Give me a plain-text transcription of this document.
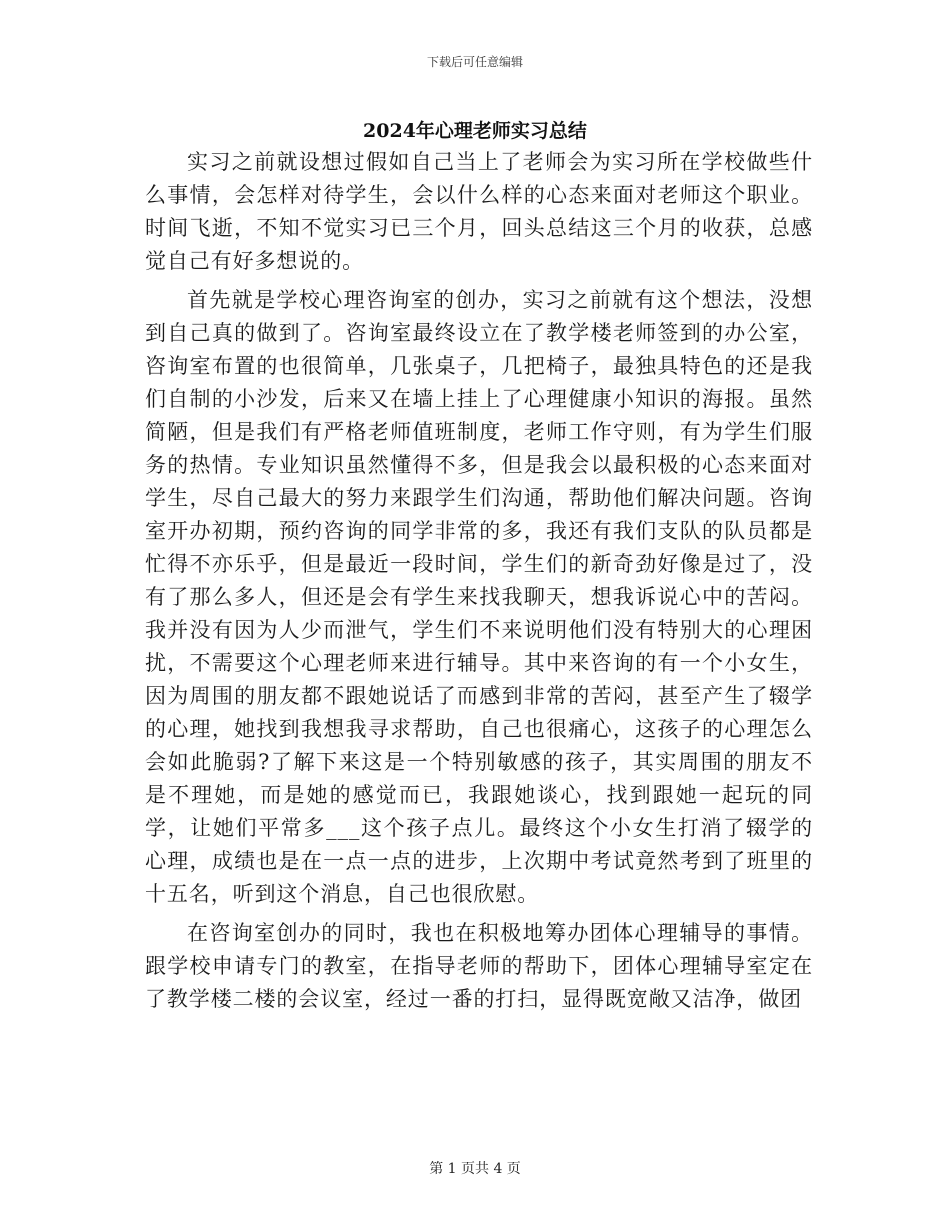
下载后可任意编辑
2024年心理老师实习总结

实习之前就设想过假如自己当上了老师会为实习所在学校做些什么事情，会怎样对待学生，会以什么样的心态来面对老师这个职业。时间飞逝，不知不觉实习已三个月，回头总结这三个月的收获，总感觉自己有好多想说的。

首先就是学校心理咨询室的创办，实习之前就有这个想法，没想到自己真的做到了。咨询室最终设立在了教学楼老师签到的办公室，咨询室布置的也很简单，几张桌子，几把椅子，最独具特色的还是我们自制的小沙发，后来又在墙上挂上了心理健康小知识的海报。虽然简陋，但是我们有严格老师值班制度，老师工作守则，有为学生们服务的热情。专业知识虽然懂得不多，但是我会以最积极的心态来面对学生，尽自己最大的努力来跟学生们沟通，帮助他们解决问题。咨询室开办初期，预约咨询的同学非常的多，我还有我们支队的队员都是忙得不亦乐乎，但是最近一段时间，学生们的新奇劲好像是过了，没有了那么多人，但还是会有学生来找我聊天，想我诉说心中的苦闷。我并没有因为人少而泄气，学生们不来说明他们没有特别大的心理困扰，不需要这个心理老师来进行辅导。其中来咨询的有一个小女生，因为周围的朋友都不跟她说话了而感到非常的苦闷，甚至产生了辍学的心理，她找到我想我寻求帮助，自己也很痛心，这孩子的心理怎么会如此脆弱?了解下来这是一个特别敏感的孩子，其实周围的朋友不是不理她，而是她的感觉而已，我跟她谈心，找到跟她一起玩的同学，让她们平常多___这个孩子点儿。最终这个小女生打消了辍学的心理，成绩也是在一点一点的进步，上次期中考试竟然考到了班里的十五名，听到这个消息，自己也很欣慰。

在咨询室创办的同时，我也在积极地筹办团体心理辅导的事情。跟学校申请专门的教室，在指导老师的帮助下，团体心理辅导室定在了教学楼二楼的会议室，经过一番的打扫，显得既宽敞又洁净，做团

第 1 页共 4 页
